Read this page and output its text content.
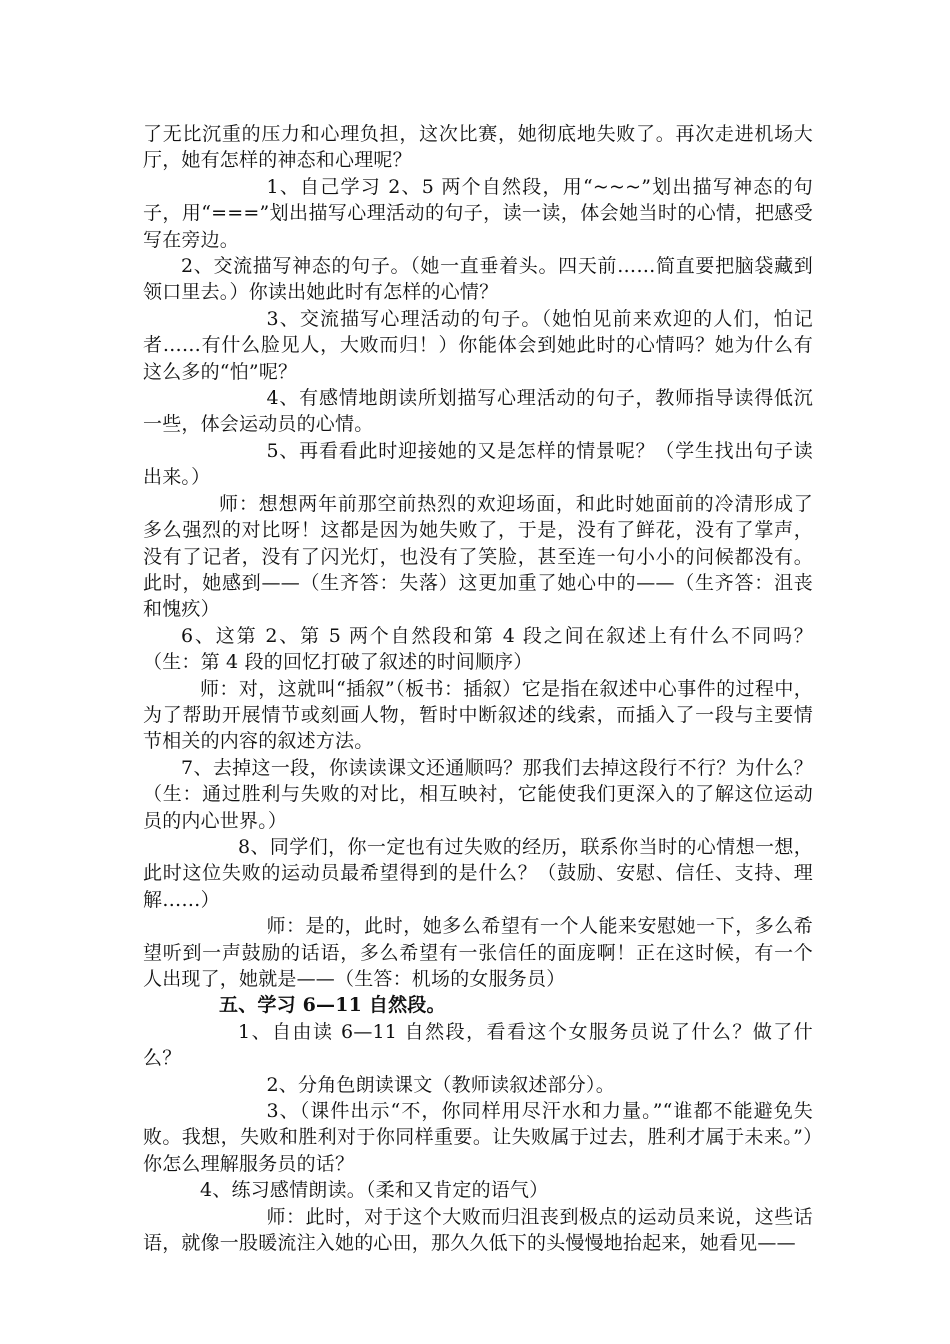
了无比沉重的压力和心理负担，这次比赛，她彻底地失败了。再次走进机场大厅，她有怎样的神态和心理呢？

1、自己学习 2、5 两个自然段，用“~~~”划出描写神态的句子，用“===”划出描写心理活动的句子，读一读，体会她当时的心情，把感受写在旁边。

2、交流描写神态的句子。（她一直垂着头。四天前……简直要把脑袋藏到领口里去。）你读出她此时有怎样的心情？

3、交流描写心理活动的句子。（她怕见前来欢迎的人们，怕记者……有什么脸见人，大败而归！）你能体会到她此时的心情吗？她为什么有这么多的“怕”呢？

4、有感情地朗读所划描写心理活动的句子，教师指导读得低沉一些，体会运动员的心情。

5、再看看此时迎接她的又是怎样的情景呢？（学生找出句子读出来。）

师：想想两年前那空前热烈的欢迎场面，和此时她面前的冷清形成了多么强烈的对比呀！这都是因为她失败了，于是，没有了鲜花，没有了掌声，没有了记者，没有了闪光灯，也没有了笑脸，甚至连一句小小的问候都没有。此时，她感到——（生齐答：失落）这更加重了她心中的——（生齐答：沮丧和愧疚）

6、这第 2、第 5 两个自然段和第 4 段之间在叙述上有什么不同吗？（生：第 4 段的回忆打破了叙述的时间顺序）

师：对，这就叫“插叙”（板书：插叙）它是指在叙述中心事件的过程中，为了帮助开展情节或刻画人物，暂时中断叙述的线索，而插入了一段与主要情节相关的内容的叙述方法。

7、去掉这一段，你读读课文还通顺吗？那我们去掉这段行不行？为什么？（生：通过胜利与失败的对比，相互映衬，它能使我们更深入的了解这位运动员的内心世界。）

8、同学们，你一定也有过失败的经历，联系你当时的心情想一想，此时这位失败的运动员最希望得到的是什么？（鼓励、安慰、信任、支持、理解……）

师：是的，此时，她多么希望有一个人能来安慰她一下，多么希望听到一声鼓励的话语，多么希望有一张信任的面庞啊！正在这时候，有一个人出现了，她就是——（生答：机场的女服务员）

五、学习 6—11 自然段。

1、自由读 6—11 自然段，看看这个女服务员说了什么？做了什么？

2、分角色朗读课文（教师读叙述部分）。

3、（课件出示“不，你同样用尽汗水和力量。”“谁都不能避免失败。我想，失败和胜利对于你同样重要。让失败属于过去，胜利才属于未来。”）你怎么理解服务员的话？

4、练习感情朗读。（柔和又肯定的语气）

师：此时，对于这个大败而归沮丧到极点的运动员来说，这些话语，就像一股暖流注入她的心田，那久久低下的头慢慢地抬起来，她看见——
